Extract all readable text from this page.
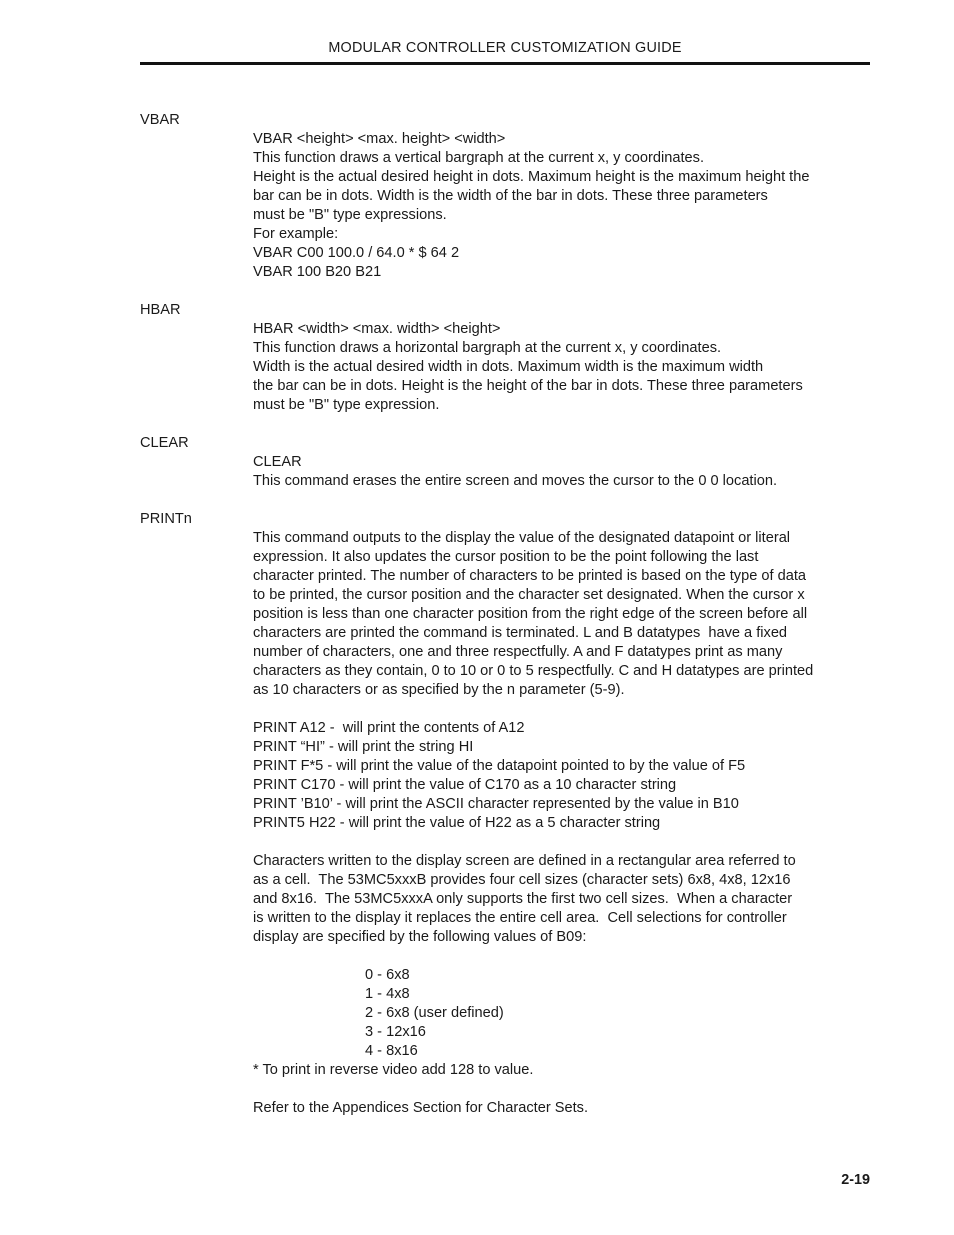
MODULAR CONTROLLER CUSTOMIZATION GUIDE
VBAR
VBAR <height> <max. height> <width>
This function draws a vertical bargraph at the current x, y coordinates.
Height is the actual desired height in dots. Maximum height is the maximum height the
bar can be in dots. Width is the width of the bar in dots. These three parameters
must be "B" type expressions.
For example:
VBAR C00 100.0 / 64.0 * $ 64 2
VBAR 100 B20 B21
HBAR
HBAR <width> <max. width> <height>
This function draws a horizontal bargraph at the current x, y coordinates.
Width is the actual desired width in dots. Maximum width is the maximum width
the bar can be in dots. Height is the height of the bar in dots. These three parameters
must be "B" type expression.
CLEAR
CLEAR
This command erases the entire screen and moves the cursor to the 0 0 location.
PRINTn
This command outputs to the display the value of the designated datapoint or literal
expression. It also updates the cursor position to be the point following the last
character printed. The number of characters to be printed is based on the type of data
to be printed, the cursor position and the character set designated. When the cursor x
position is less than one character position from the right edge of the screen before all
characters are printed the command is terminated. L and B datatypes  have a fixed
number of characters, one and three respectfully. A and F datatypes print as many
characters as they contain, 0 to 10 or 0 to 5 respectfully. C and H datatypes are printed
as 10 characters or as specified by the n parameter (5-9).
PRINT A12 -  will print the contents of A12
PRINT “HI” - will print the string HI
PRINT F*5 - will print the value of the datapoint pointed to by the value of F5
PRINT C170 - will print the value of C170 as a 10 character string
PRINT ’B10’ - will print the ASCII character represented by the value in B10
PRINT5 H22 - will print the value of H22 as a 5 character string
Characters written to the display screen are defined in a rectangular area referred to
as a cell.  The 53MC5xxxB provides four cell sizes (character sets) 6x8, 4x8, 12x16
and 8x16.  The 53MC5xxxA only supports the first two cell sizes.  When a character
is written to the display it replaces the entire cell area.  Cell selections for controller
display are specified by the following values of B09:
0 - 6x8
1 - 4x8
2 - 6x8 (user defined)
3 - 12x16
4 - 8x16
* To print in reverse video add 128 to value.
Refer to the Appendices Section for Character Sets.
2-19
